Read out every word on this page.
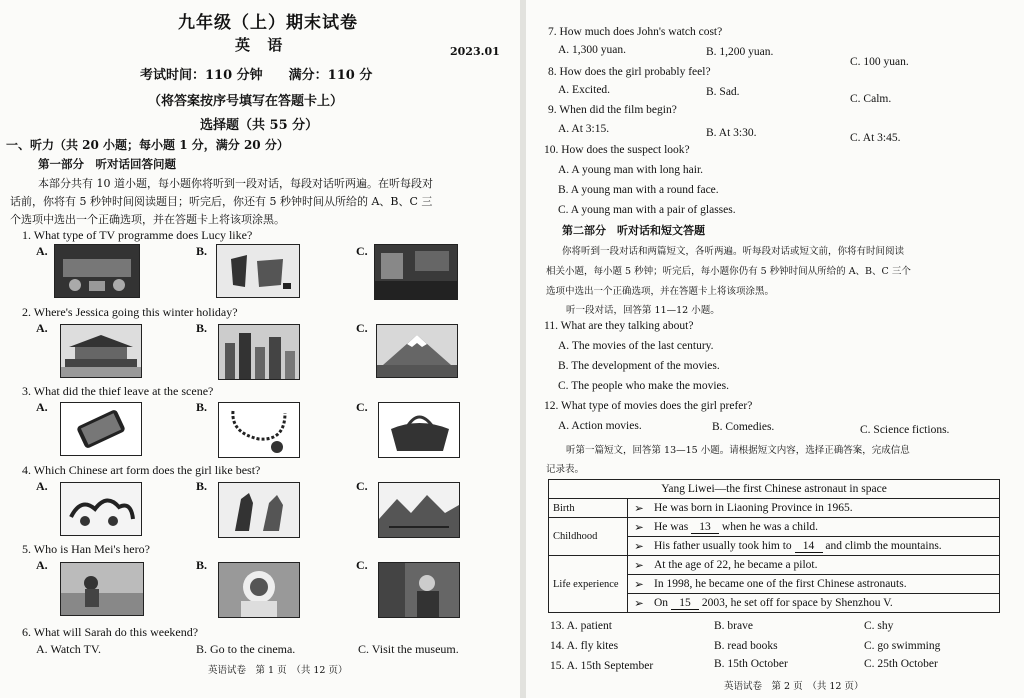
九年级（上）期末试卷
英 语	2023.01
考试时间：110 分钟　　满分：110 分
（将答案按序号填写在答题卡上）
选择题（共 55 分）
一、听力（共 20 小题；每小题 1 分，满分 20 分）
第一部分　听对话回答问题
本部分共有 10 道小题，每小题你将听到一段对话，每段对话听两遍。在听每段对
话前，你将有 5 秒钟时间阅读题目；听完后，你还有 5 秒钟时间从所给的 A、B、C 三
个选项中选出一个正确选项，并在答题卡上将该项涂黑。
1. What type of TV programme does Lucy like?
A.	B.	C.
2. Where's Jessica going this winter holiday?
A.	B.	C.
3. What did the thief leave at the scene?
A.	B.	C.
4. Which Chinese art form does the girl like best?
A.	B.	C.
5. Who is Han Mei's hero?
A.	B.	C.
6. What will Sarah do this weekend?
A. Watch TV.	B. Go to the cinema.	C. Visit the museum.
英语试卷　第 1 页　（共 12 页）
7. How much does John's watch cost?
A. 1,300 yuan.	B. 1,200 yuan.
C. 100 yuan.
8. How does the girl probably feel?
A. Excited.	B. Sad.
C. Calm.
9. When did the film begin?
A. At 3:15.	B. At 3:30.	C. At 3:45.
10. How does the suspect look?
A. A young man with long hair.
B. A young man with a round face.
C. A young man with a pair of glasses.
第二部分　听对话和短文答题
你将听到一段对话和两篇短文，各听两遍。听每段对话或短文前，你将有时间阅读
相关小题，每小题 5 秒钟；听完后，每小题你仍有 5 秒钟时间从所给的 A、B、C 三个
选项中选出一个正确选项，并在答题卡上将该项涂黑。
听一段对话，回答第 11—12 小题。
11. What are they talking about?
A. The movies of the last century.
B. The development of the movies.
C. The people who make the movies.
12. What type of movies does the girl prefer?
A. Action movies.	B. Comedies.	C. Science fictions.
听第一篇短文，回答第 13—15 小题。请根据短文内容，选择正确答案，完成信息
记录表。
Yang Liwei—the first Chinese astronaut in space		
Birth	➢	He was born in Liaoning Province in 1965.
Childhood	➢	He was 13 when he was a child.
	➢	His father usually took him to 14 and climb the mountains.
Life experience	➢	At the age of 22, he became a pilot.
	➢	In 1998, he became one of the first Chinese astronauts.
	➢	On 15 2003, he set off for space by Shenzhou V.
13. A. patient	B. brave	C. shy
14. A. fly kites	B. read books	C. go swimming
15. A. 15th September	B. 15th October	C. 25th October
英语试卷　第 2 页　（共 12 页）
